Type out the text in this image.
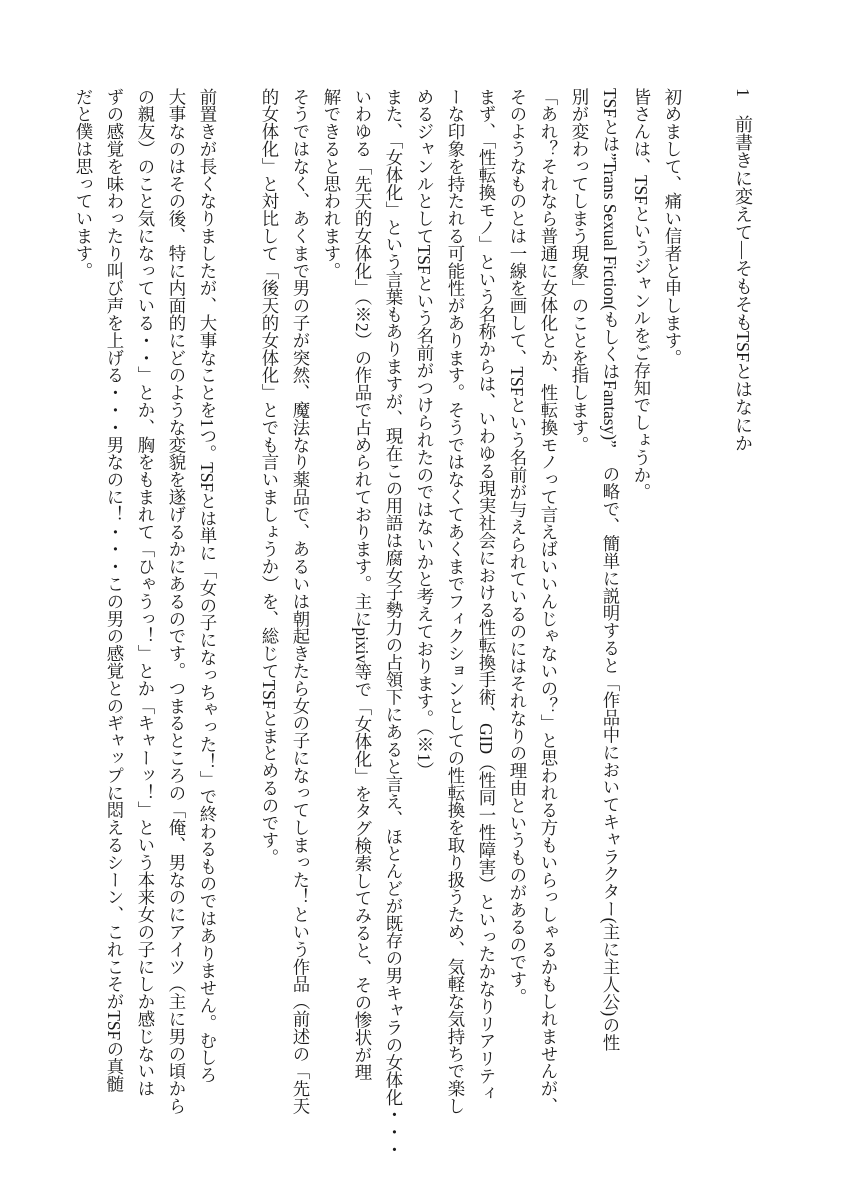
1　前書きに変えて―そもそもTSFとはなにか
初めまして、痛い信者と申します。
皆さんは、TSFというジャンルをご存知でしょうか。
TSFとは”Trans Sexual Fiction(もしくはFantasy)”　の略で、簡単に説明すると「作品中においてキャラクター(主に主人公)の性
別が変わってしまう現象」のことを指します。
「あれ？それなら普通に女体化とか、性転換モノって言えばいいんじゃないの？」と思われる方もいらっしゃるかもしれませんが、
そのようなものとは一線を画して、TSFという名前が与えられているのにはそれなりの理由というものがあるのです。
まず、「性転換モノ」という名称からは、いわゆる現実社会における性転換手術、GID（性同一性障害）といったかなりリアリティ
ーな印象を持たれる可能性があります。そうではなくてあくまでフィクションとしての性転換を取り扱うため、気軽な気持ちで楽し
めるジャンルとしてTSFという名前がつけられたのではないかと考えております。（※1）
また、「女体化」という言葉もありますが、現在この用語は腐女子勢力の占領下にあると言え、ほとんどが既存の男キャラの女体化・・・
いわゆる「先天的女体化」（※2）の作品で占められております。主にpixiv等で「女体化」をタグ検索してみると、その惨状が理
解できると思われます。
そうではなく、あくまで男の子が突然、魔法なり薬品で、あるいは朝起きたら女の子になってしまった！という作品（前述の「先天
的女体化」と対比して「後天的女体化」とでも言いましょうか）を、総じてTSFとまとめるのです。
前置きが長くなりましたが、大事なことを1つ。TSFとは単に「女の子になっちゃった！」で終わるものではありません。むしろ
大事なのはその後、特に内面的にどのような変貌を遂げるかにあるのです。つまるところの「俺、男なのにアイツ（主に男の頃から
の親友）のこと気になっている・・」とか、胸をもまれて「ひゃうっ！」とか「キャーッ！」という本来女の子にしか感じないは
ずの感覚を味わったり叫び声を上げる・・・男なのに！・・・この男の感覚とのギャップに悶えるシーン、これこそがTSFの真髄
だと僕は思っています。
